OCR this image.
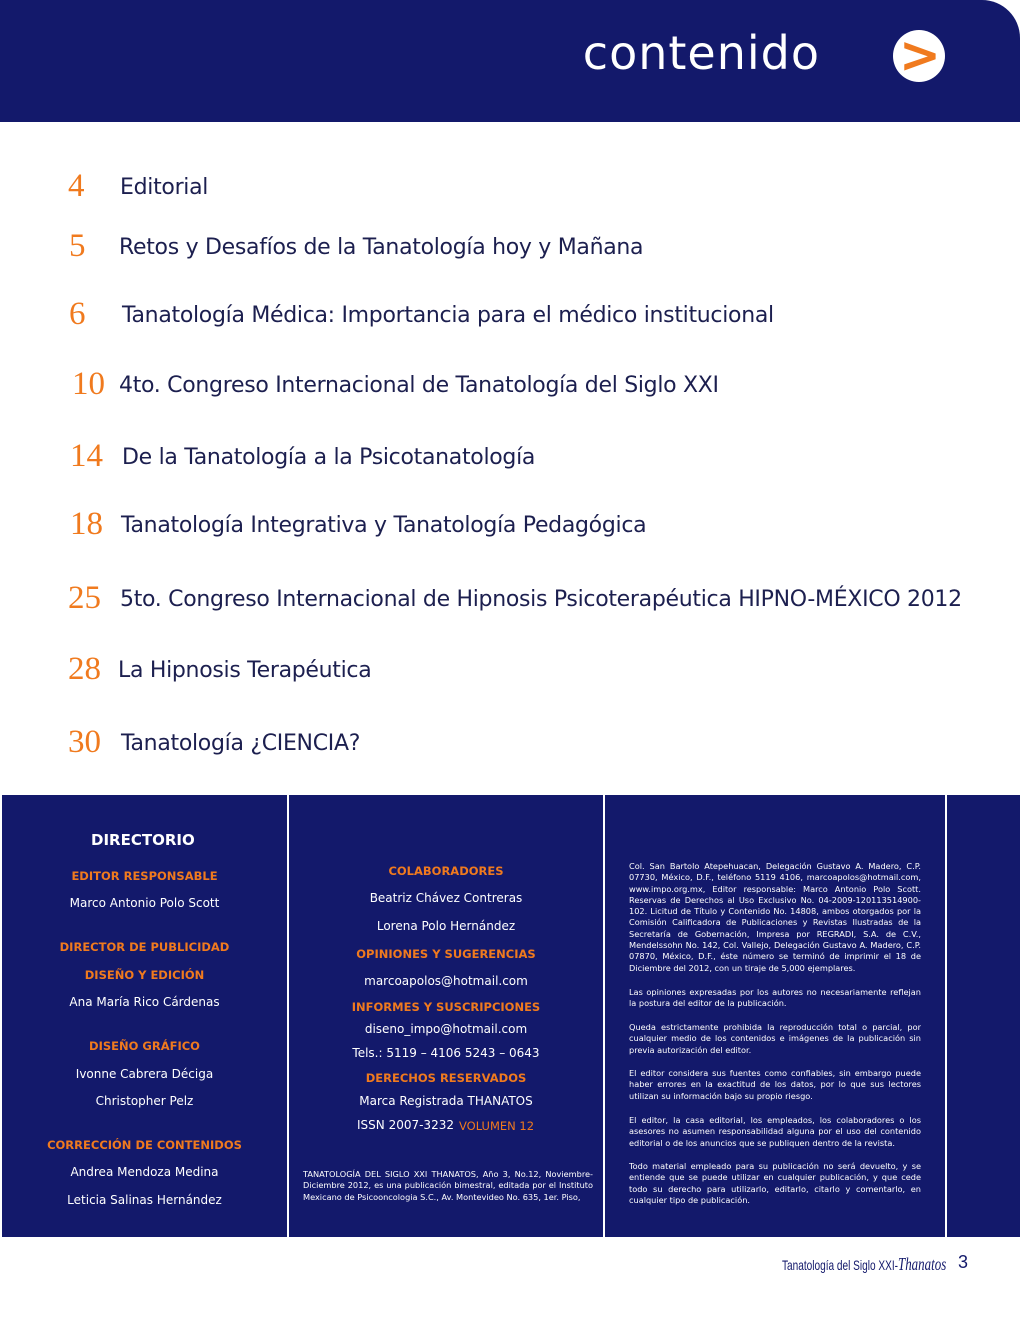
contenido >
4 Editorial
5 Retos y Desafíos de la Tanatología hoy y Mañana
6 Tanatología Médica: Importancia para el médico institucional
10 4to. Congreso Internacional de Tanatología del Siglo XXI
14 De la Tanatología a la Psicotanatología
18 Tanatología Integrativa y Tanatología Pedagógica
25 5to. Congreso Internacional de Hipnosis Psicoterapéutica HIPNO-MÉXICO 2012
28 La Hipnosis Terapéutica
30 Tanatología ¿CIENCIA?
DIRECTORIO
EDITOR RESPONSABLE
Marco Antonio Polo Scott
DIRECTOR DE PUBLICIDAD
DISEÑO Y EDICIÓN
Ana María Rico Cárdenas
DISEÑO GRÁFICO
Ivonne Cabrera Déciga
Christopher Pelz
CORRECCIÓN DE CONTENIDOS
Andrea Mendoza Medina
Leticia Salinas Hernández
COLABORADORES
Beatriz Chávez Contreras
Lorena Polo Hernández
OPINIONES Y SUGERENCIAS
marcoapolos@hotmail.com
INFORMES Y SUSCRIPCIONES
diseno_impo@hotmail.com
Tels.: 5119 – 4106 5243 – 0643
DERECHOS RESERVADOS
Marca Registrada THANATOS
ISSN 2007-3232 VOLUMEN 12
TANATOLOGÍA DEL SIGLO XXI THANATOS, Año 3, No.12, Noviembre-Diciembre 2012, es una publicación bimestral, editada por el Instituto Mexicano de Psicooncologia S.C., Av. Montevideo No. 635, 1er. Piso,
Col. San Bartolo Atepehuacan, Delegación Gustavo A. Madero, C.P. 07730, México, D.F., teléfono 5119 4106, marcoapolos@hotmail.com, www.impo.org.mx, Editor responsable: Marco Antonio Polo Scott. Reservas de Derechos al Uso Exclusivo No. 04-2009-120113514900-102. Licitud de Título y Contenido No. 14808, ambos otorgados por la Comisión Calificadora de Publicaciones y Revistas Ilustradas de la Secretaría de Gobernación, Impresa por REGRADI, S.A. de C.V., Mendelssohn No. 142, Col. Vallejo, Delegación Gustavo A. Madero, C.P. 07870, México, D.F., éste número se terminó de imprimir el 18 de Diciembre del 2012, con un tiraje de 5,000 ejemplares.
Las opiniones expresadas por los autores no necesariamente reflejan la postura del editor de la publicación.
Queda estrictamente prohibida la reproducción total o parcial, por cualquier medio de los contenidos e imágenes de la publicación sin previa autorización del editor.
El editor considera sus fuentes como confiables, sin embargo puede haber errores en la exactitud de los datos, por lo que sus lectores utilizan su información bajo su propio riesgo.
El editor, la casa editorial, los empleados, los colaboradores o los asesores no asumen responsabilidad alguna por el uso del contenido editorial o de los anuncios que se publiquen dentro de la revista.
Todo material empleado para su publicación no será devuelto, y se entiende que se puede utilizar en cualquier publicación, y que cede todo su derecho para utilizarlo, editarlo, citarlo y comentarlo, en cualquier tipo de publicación.
Tanatología del Siglo XXI-Thanatos 3
